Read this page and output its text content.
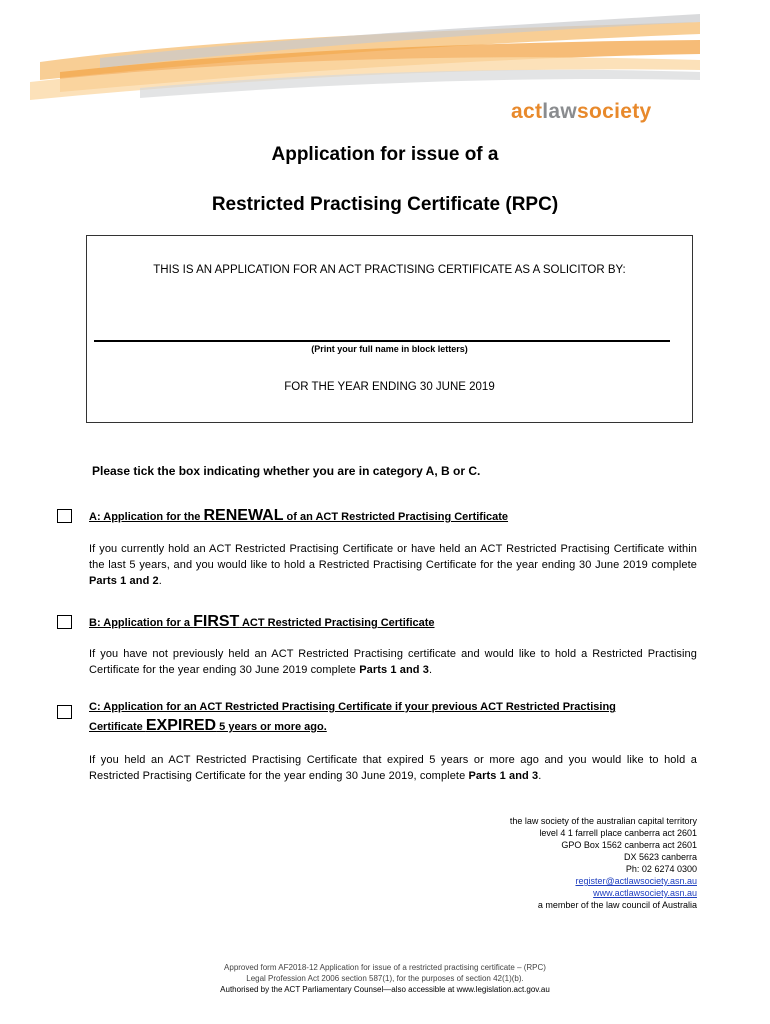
actlawsociety
Application for issue of a
Restricted Practising Certificate (RPC)
THIS IS AN APPLICATION FOR AN ACT PRACTISING CERTIFICATE AS A SOLICITOR BY:
(Print your full name in block letters)
FOR THE YEAR ENDING 30 JUNE 2019
Please tick the box indicating whether you are in category A, B or C.
A: Application for the RENEWAL of an ACT Restricted Practising Certificate
If you currently hold an ACT Restricted Practising Certificate or have held an ACT Restricted Practising Certificate within the last 5 years, and you would like to hold a Restricted Practising Certificate for the year ending 30 June 2019 complete Parts 1 and 2.
B: Application for a FIRST ACT Restricted Practising Certificate
If you have not previously held an ACT Restricted Practising certificate and would like to hold a Restricted Practising Certificate for the year ending 30 June 2019 complete Parts 1 and 3.
C: Application for an ACT Restricted Practising Certificate if your previous ACT Restricted Practising
Certificate EXPIRED 5 years or more ago.
If you held an ACT Restricted Practising Certificate that expired 5 years or more ago and you would like to hold a Restricted Practising Certificate for the year ending 30 June 2019, complete Parts 1 and 3.
the law society of the australian capital territory
level 4 1 farrell place canberra act 2601
GPO Box 1562 canberra act 2601
DX 5623 canberra
Ph: 02 6274 0300
register@actlawsociety.asn.au
www.actlawsociety.asn.au
a member of the law council of Australia
Approved form AF2018-12 Application for issue of a restricted practising certificate – (RPC)
Legal Profession Act 2006 section 587(1), for the purposes of section 42(1)(b).
Authorised by the ACT Parliamentary Counsel—also accessible at www.legislation.act.gov.au
